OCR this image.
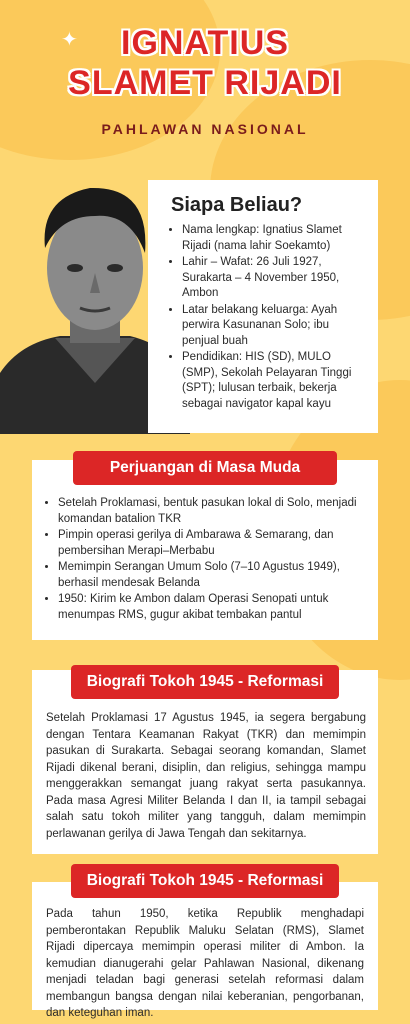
✦	IGNATIUS
SLAMET RIJADI
PAHLAWAN NASIONAL
Siapa Beliau?
• Nama lengkap: Ignatius Slamet Rijadi (nama lahir Soekamto)
• Lahir – Wafat: 26 Juli 1927, Surakarta – 4 November 1950, Ambon
• Latar belakang keluarga: Ayah perwira Kasunanan Solo; ibu penjual buah
• Pendidikan: HIS (SD), MULO (SMP), Sekolah Pelayaran Tinggi (SPT); lulusan terbaik, bekerja sebagai navigator kapal kayu
• Setelah Proklamasi, bentuk pasukan lokal di Solo, menjadi komandan batalion TKR
• Pimpin operasi gerilya di Ambarawa & Semarang, dan pembersihan Merapi–Merbabu
• Memimpin Serangan Umum Solo (7–10 Agustus 1949), berhasil mendesak Belanda
• 1950: Kirim ke Ambon dalam Operasi Senopati untuk menumpas RMS, gugur akibat tembakan pantul
Perjuangan di Masa Muda

Setelah Proklamasi 17 Agustus 1945, ia segera bergabung dengan Tentara Keamanan Rakyat (TKR) dan memimpin pasukan di Surakarta. Sebagai seorang komandan, Slamet Rijadi dikenal berani, disiplin, dan religius, sehingga mampu menggerakkan semangat juang rakyat serta pasukannya. Pada masa Agresi Militer Belanda I dan II, ia tampil sebagai salah satu tokoh militer yang tangguh, dalam memimpin perlawanan gerilya di Jawa Tengah dan sekitarnya.

Biografi Tokoh 1945 - Reformasi

Pada tahun 1950, ketika Republik menghadapi pemberontakan Republik Maluku Selatan (RMS), Slamet Rijadi dipercaya memimpin operasi militer di Ambon. Ia kemudian dianugerahi gelar Pahlawan Nasional, dikenang menjadi teladan bagi generasi setelah reformasi dalam membangun bangsa dengan nilai keberanian, pengorbanan, dan keteguhan iman.

Biografi Tokoh 1945 - Reformasi
